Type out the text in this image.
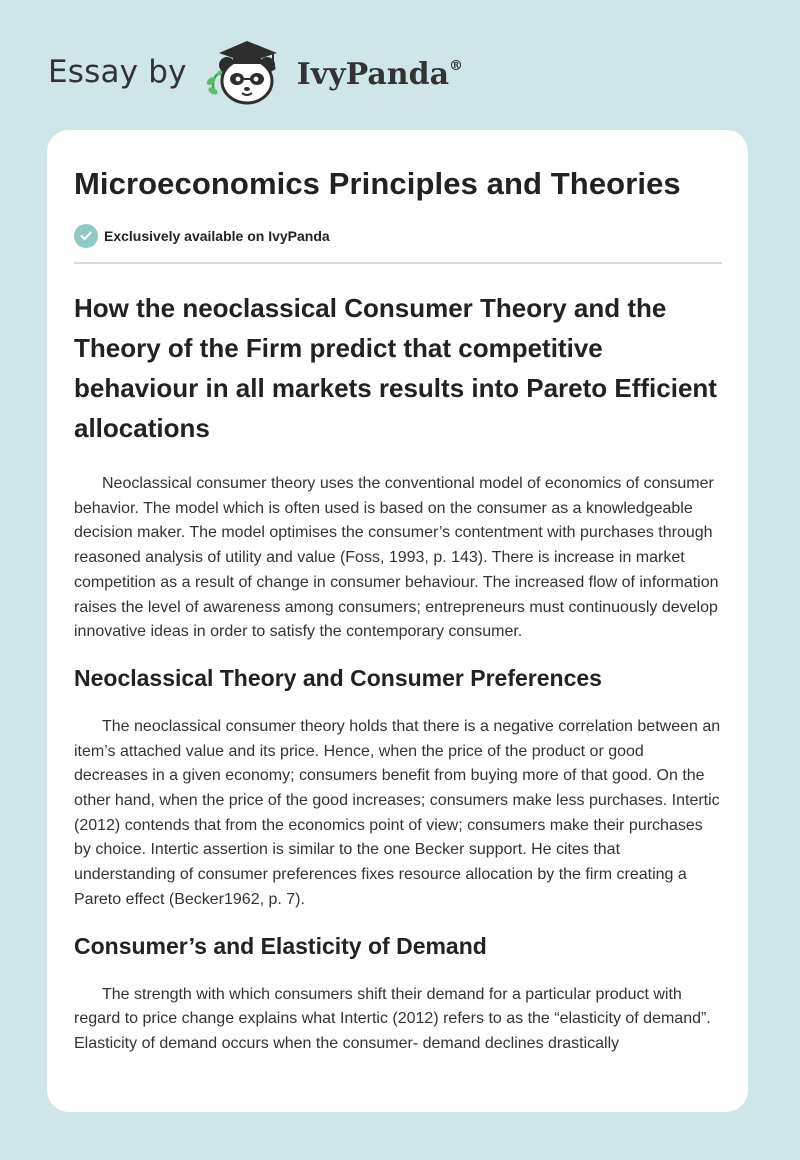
Essay by	IvyPanda®
Microeconomics Principles and Theories
Exclusively available on IvyPanda
How the neoclassical Consumer Theory and the Theory of the Firm predict that competitive behaviour in all markets results into Pareto Efficient allocations

Neoclassical consumer theory uses the conventional model of economics of consumer behavior. The model which is often used is based on the consumer as a knowledgeable decision maker. The model optimises the consumer’s contentment with purchases through reasoned analysis of utility and value (Foss, 1993, p. 143). There is increase in market competition as a result of change in consumer behaviour. The increased flow of information raises the level of awareness among consumers; entrepreneurs must continuously develop innovative ideas in order to satisfy the contemporary consumer.

Neoclassical Theory and Consumer Preferences

The neoclassical consumer theory holds that there is a negative correlation between an item’s attached value and its price. Hence, when the price of the product or good decreases in a given economy; consumers benefit from buying more of that good. On the other hand, when the price of the good increases; consumers make less purchases. Intertic (2012) contends that from the economics point of view; consumers make their purchases by choice. Intertic assertion is similar to the one Becker support. He cites that understanding of consumer preferences fixes resource allocation by the firm creating a Pareto effect (Becker1962, p. 7).

Consumer’s and Elasticity of Demand

The strength with which consumers shift their demand for a particular product with regard to price change explains what Intertic (2012) refers to as the “elasticity of demand”. Elasticity of demand occurs when the consumer- demand declines drastically
